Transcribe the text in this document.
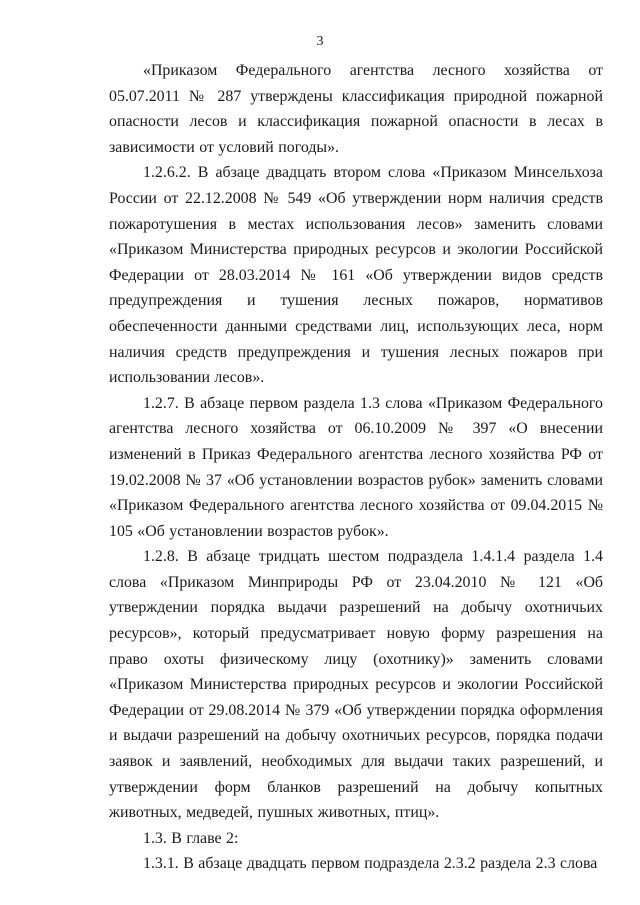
3

«Приказом Федерального агентства лесного хозяйства от 05.07.2011 № 287 утверждены классификация природной пожарной опасности лесов и классификация пожарной опасности в лесах в зависимости от условий погоды».

1.2.6.2. В абзаце двадцать втором слова «Приказом Минсельхоза России от 22.12.2008 № 549 «Об утверждении норм наличия средств пожаротушения в местах использования лесов» заменить словами «Приказом Министерства природных ресурсов и экологии Российской Федерации от 28.03.2014 № 161 «Об утверждении видов средств предупреждения и тушения лесных пожаров, нормативов обеспеченности данными средствами лиц, использующих леса, норм наличия средств предупреждения и тушения лесных пожаров при использовании лесов».

1.2.7. В абзаце первом раздела 1.3 слова «Приказом Федерального агентства лесного хозяйства от 06.10.2009 № 397 «О внесении изменений в Приказ Федерального агентства лесного хозяйства РФ от 19.02.2008 № 37 «Об установлении возрастов рубок» заменить словами «Приказом Федерального агентства лесного хозяйства от 09.04.2015 № 105 «Об установлении возрастов рубок».

1.2.8. В абзаце тридцать шестом подраздела 1.4.1.4 раздела 1.4 слова «Приказом Минприроды РФ от 23.04.2010 № 121 «Об утверждении порядка выдачи разрешений на добычу охотничьих ресурсов», который предусматривает новую форму разрешения на право охоты физическому лицу (охотнику)» заменить словами «Приказом Министерства природных ресурсов и экологии Российской Федерации от 29.08.2014 № 379 «Об утверждении порядка оформления и выдачи разрешений на добычу охотничьих ресурсов, порядка подачи заявок и заявлений, необходимых для выдачи таких разрешений, и утверждении форм бланков разрешений на добычу копытных животных, медведей, пушных животных, птиц».

1.3. В главе 2:

1.3.1. В абзаце двадцать первом подраздела 2.3.2 раздела 2.3 слова
